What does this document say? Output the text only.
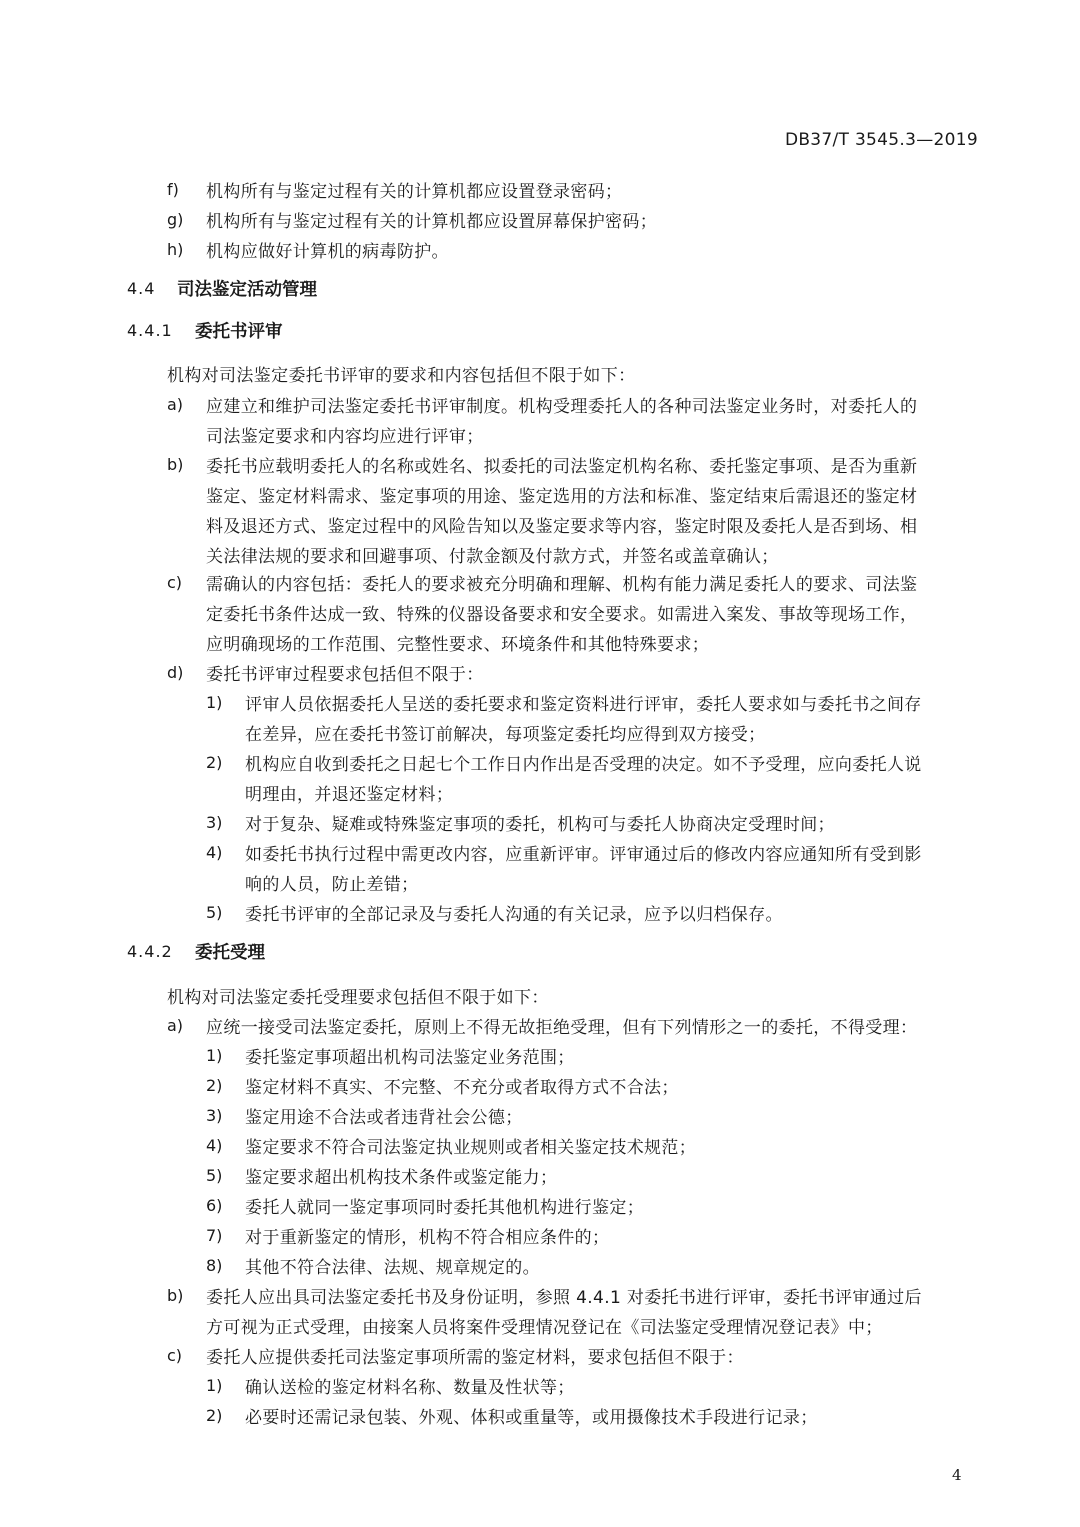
DB37/T 3545.3—2019
f) 机构所有与鉴定过程有关的计算机都应设置登录密码；
g) 机构所有与鉴定过程有关的计算机都应设置屏幕保护密码；
h) 机构应做好计算机的病毒防护。
4.4 司法鉴定活动管理
4.4.1 委托书评审
机构对司法鉴定委托书评审的要求和内容包括但不限于如下：
a) 应建立和维护司法鉴定委托书评审制度。机构受理委托人的各种司法鉴定业务时，对委托人的
司法鉴定要求和内容均应进行评审；
b) 委托书应载明委托人的名称或姓名、拟委托的司法鉴定机构名称、委托鉴定事项、是否为重新
鉴定、鉴定材料需求、鉴定事项的用途、鉴定选用的方法和标准、鉴定结束后需退还的鉴定材
料及退还方式、鉴定过程中的风险告知以及鉴定要求等内容，鉴定时限及委托人是否到场、相
关法律法规的要求和回避事项、付款金额及付款方式，并签名或盖章确认；
c) 需确认的内容包括：委托人的要求被充分明确和理解、机构有能力满足委托人的要求、司法鉴
定委托书条件达成一致、特殊的仪器设备要求和安全要求。如需进入案发、事故等现场工作，
应明确现场的工作范围、完整性要求、环境条件和其他特殊要求；
d) 委托书评审过程要求包括但不限于：
1) 评审人员依据委托人呈送的委托要求和鉴定资料进行评审，委托人要求如与委托书之间存
在差异，应在委托书签订前解决，每项鉴定委托均应得到双方接受；
2) 机构应自收到委托之日起七个工作日内作出是否受理的决定。如不予受理，应向委托人说
明理由，并退还鉴定材料；
3) 对于复杂、疑难或特殊鉴定事项的委托，机构可与委托人协商决定受理时间；
4) 如委托书执行过程中需更改内容，应重新评审。评审通过后的修改内容应通知所有受到影
响的人员，防止差错；
5) 委托书评审的全部记录及与委托人沟通的有关记录，应予以归档保存。
4.4.2 委托受理
机构对司法鉴定委托受理要求包括但不限于如下：
a) 应统一接受司法鉴定委托，原则上不得无故拒绝受理，但有下列情形之一的委托，不得受理：
1) 委托鉴定事项超出机构司法鉴定业务范围；
2) 鉴定材料不真实、不完整、不充分或者取得方式不合法；
3) 鉴定用途不合法或者违背社会公德；
4) 鉴定要求不符合司法鉴定执业规则或者相关鉴定技术规范；
5) 鉴定要求超出机构技术条件或鉴定能力；
6) 委托人就同一鉴定事项同时委托其他机构进行鉴定；
7) 对于重新鉴定的情形，机构不符合相应条件的；
8) 其他不符合法律、法规、规章规定的。
b) 委托人应出具司法鉴定委托书及身份证明，参照 4.4.1 对委托书进行评审，委托书评审通过后
方可视为正式受理，由接案人员将案件受理情况登记在《司法鉴定受理情况登记表》中；
c) 委托人应提供委托司法鉴定事项所需的鉴定材料，要求包括但不限于：
1) 确认送检的鉴定材料名称、数量及性状等；
2) 必要时还需记录包装、外观、体积或重量等，或用摄像技术手段进行记录；
4
